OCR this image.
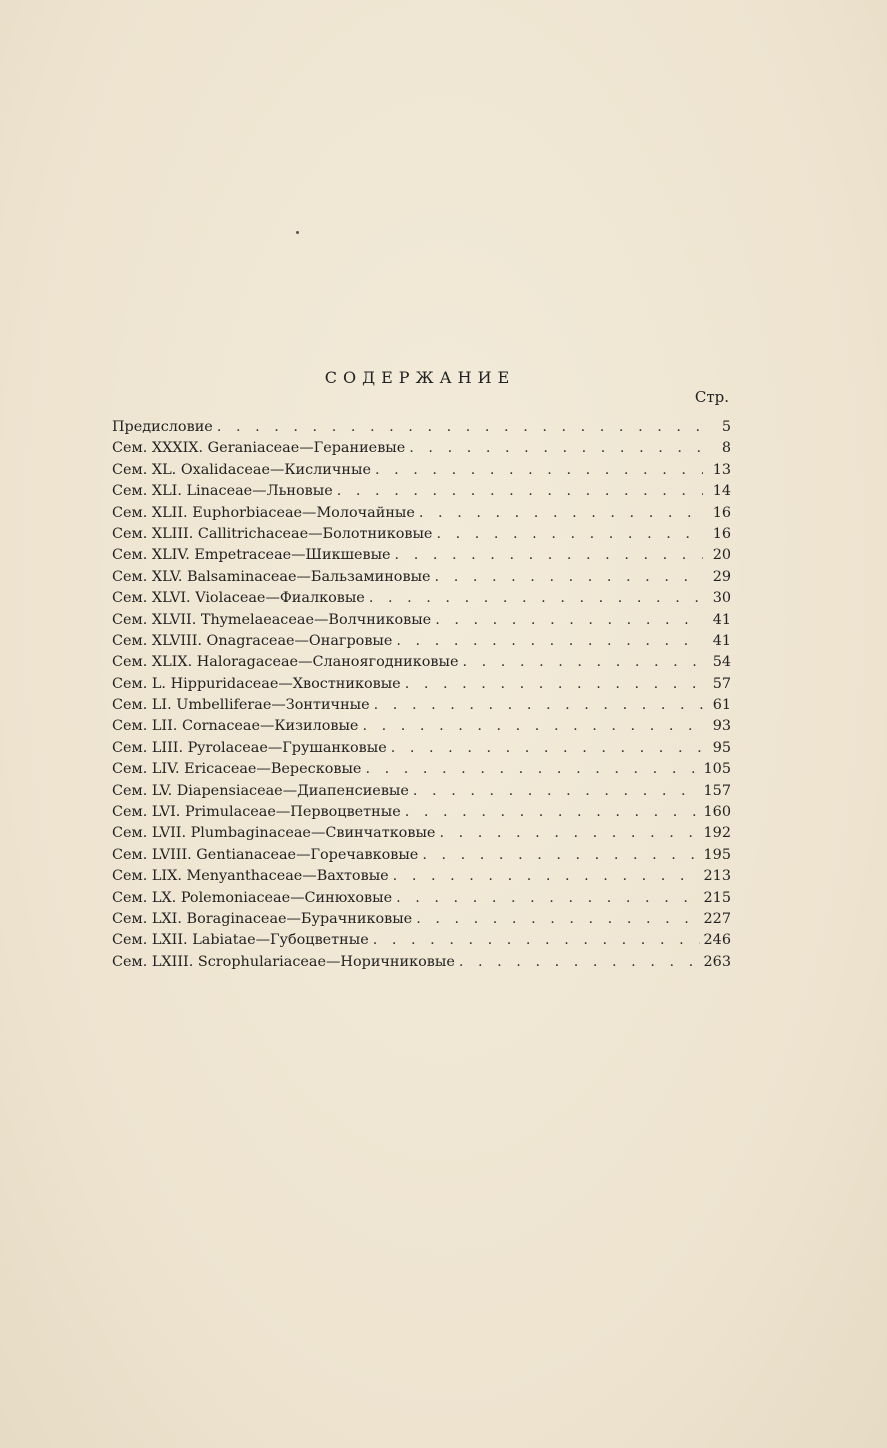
СОДЕРЖАНИЕ
Стр.
Предисловие . . .	5
Сем. XXXIX. Geraniaceae—Гераниевые . . .	8
Сем. XL. Oxalidaceae—Кисличные . . .	13
Сем. XLI. Linaceae—Льновые . . .	14
Сем. XLII. Euphorbiaceae—Молочайные . . .	16
Сем. XLIII. Callitrichaceae—Болотниковые . . .	16
Сем. XLIV. Empetraceae—Шикшевые . . .	20
Сем. XLV. Balsaminaceae—Бальзаминовые . . .	29
Сем. XLVI. Violaceae—Фиалковые . . .	30
Сем. XLVII. Thymelaeaceae—Волчниковые . . .	41
Сем. XLVIII. Onagraceae—Онагровые . . .	41
Сем. XLIX. Haloragaceae—Сланоягодниковые . . .	54
Сем. L. Hippuridaceae—Хвостниковые . . .	57
Сем. LI. Umbelliferae—Зонтичные . . .	61
Сем. LII. Cornaceae—Кизиловые . . .	93
Сем. LIII. Pyrolaceae—Грушанковые . . .	95
Сем. LIV. Ericaceae—Вересковые . . .	105
Сем. LV. Diapensiaceae—Диапенсиевые . . .	157
Сем. LVI. Primulaceae—Первоцветные . . .	160
Сем. LVII. Plumbaginaceae—Свинчатковые . . .	192
Сем. LVIII. Gentianaceae—Горечавковые . . .	195
Сем. LIX. Menyanthaceae—Вахтовые . . .	213
Сем. LX. Polemoniaceae—Синюховые . . .	215
Сем. LXI. Boraginaceae—Бурачниковые . . .	227
Сем. LXII. Labiatae—Губоцветные . . .	246
Сем. LXIII. Scrophulariaceae—Норичниковые . . .	263
